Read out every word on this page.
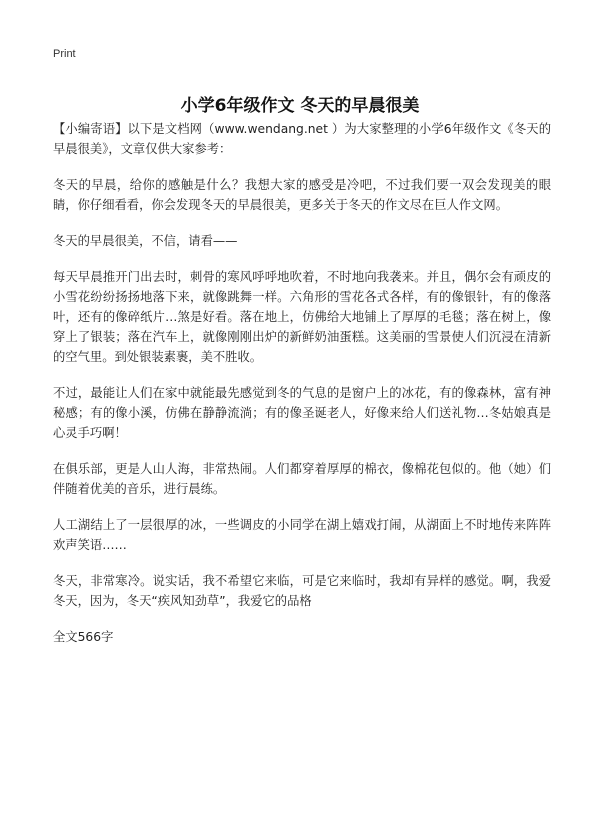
Print
小学6年级作文 冬天的早晨很美

【小编寄语】以下是文档网（www.wendang.net ）为大家整理的小学6年级作文《冬天的早晨很美》，文章仅供大家参考：

冬天的早晨，给你的感触是什么？我想大家的感受是冷吧，不过我们要一双会发现美的眼睛，你仔细看看，你会发现冬天的早晨很美，更多关于冬天的作文尽在巨人作文网。

冬天的早晨很美，不信，请看——

每天早晨推开门出去时，刺骨的寒风呼呼地吹着，不时地向我袭来。并且，偶尔会有顽皮的小雪花纷纷扬扬地落下来，就像跳舞一样。六角形的雪花各式各样，有的像银针，有的像落叶，还有的像碎纸片…煞是好看。落在地上，仿佛给大地铺上了厚厚的毛毯；落在树上，像穿上了银装；落在汽车上，就像刚刚出炉的新鲜奶油蛋糕。这美丽的雪景使人们沉浸在清新的空气里。到处银装素裹，美不胜收。

不过，最能让人们在家中就能最先感觉到冬的气息的是窗户上的冰花，有的像森林，富有神秘感；有的像小溪，仿佛在静静流淌；有的像圣诞老人，好像来给人们送礼物…冬姑娘真是心灵手巧啊！

在俱乐部，更是人山人海，非常热闹。人们都穿着厚厚的棉衣，像棉花包似的。他（她）们伴随着优美的音乐，进行晨练。

人工湖结上了一层很厚的冰，一些调皮的小同学在湖上嬉戏打闹，从湖面上不时地传来阵阵欢声笑语……

冬天，非常寒冷。说实话，我不希望它来临，可是它来临时，我却有异样的感觉。啊，我爱冬天，因为，冬天“疾风知劲草”，我爱它的品格

全文566字
